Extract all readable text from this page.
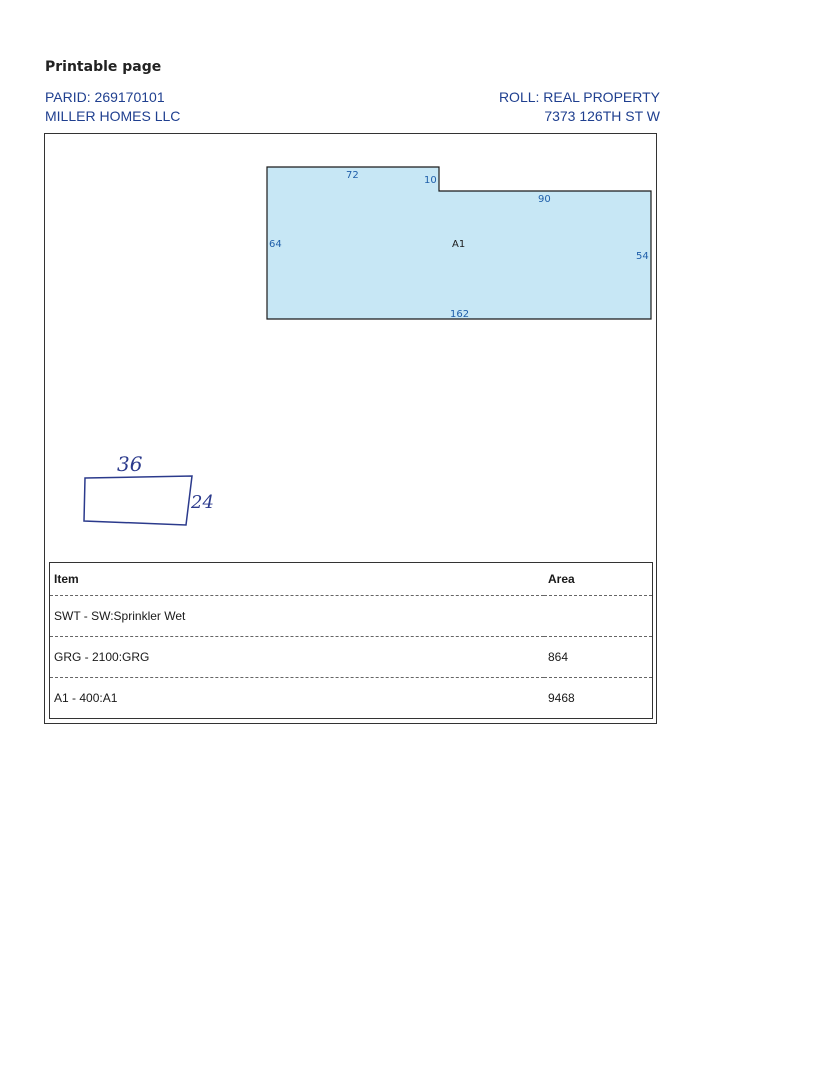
Printable page
PARID: 269170101
MILLER HOMES LLC
ROLL: REAL PROPERTY
7373 126TH ST W
72	10
90
64
54
162
A1
36
24
Item	Area
SWT - SW:Sprinkler Wet	
GRG - 2100:GRG	864
A1 - 400:A1	9468
